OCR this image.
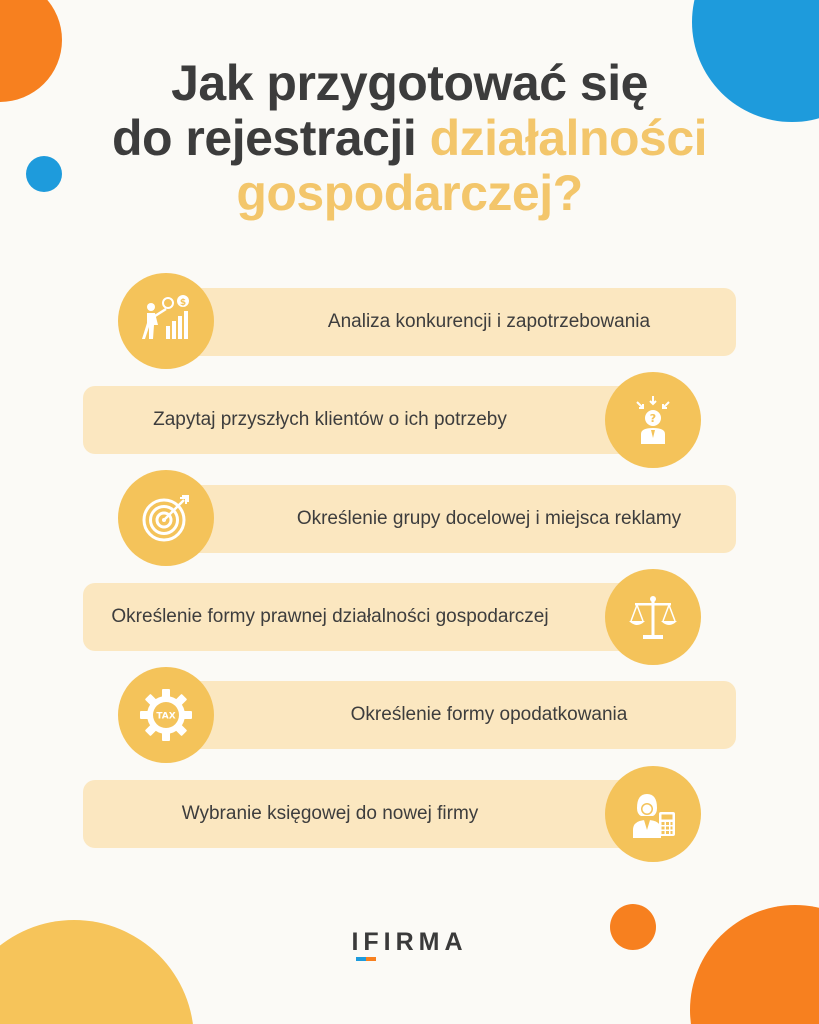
Jak przygotować się
do rejestracji działalności
gospodarczej?
Analiza konkurencji i zapotrzebowania
$
Zapytaj przyszłych klientów o ich potrzeby	?
Określenie grupy docelowej i miejsca reklamy
Określenie formy prawnej działalności gospodarczej
Określenie formy opodatkowania
TAX
Wybranie księgowej do nowej firmy
IFIRMA
